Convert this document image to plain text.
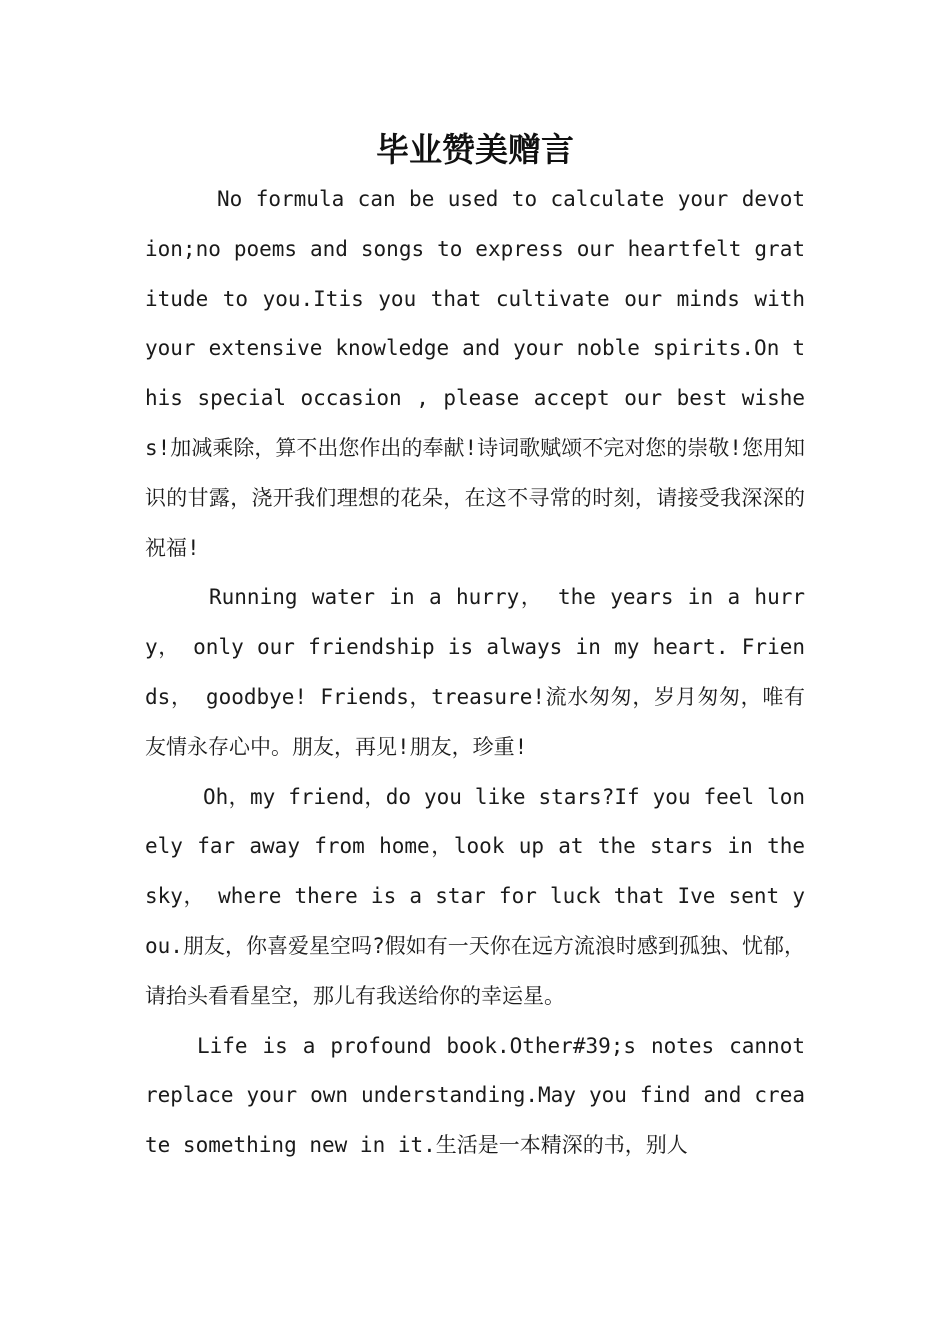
毕业赞美赠言

No formula can be used to calculate your devotion;no poems and songs to express our heartfelt gratitude to you.Itis you that cultivate our minds with your extensive knowledge and your noble spirits.On this special occasion , please accept our best wishes!加减乘除，算不出您作出的奉献!诗词歌赋颂不完对您的崇敬!您用知识的甘露，浇开我们理想的花朵，在这不寻常的时刻，请接受我深深的祝福!

Running water in a hurry， the years in a hurry， only our friendship is always in my heart. Friends， goodbye! Friends，treasure!流水匆匆，岁月匆匆，唯有友情永存心中。朋友，再见!朋友，珍重!

Oh，my friend，do you like stars?If you feel lonely far away from home，look up at the stars in the sky， where there is a star for luck that Ive sent you.朋友，你喜爱星空吗?假如有一天你在远方流浪时感到孤独、忧郁，请抬头看看星空，那儿有我送给你的幸运星。

Life is a profound book.Other#39;s notes cannot replace your own understanding.May you find and create something new in it.生活是一本精深的书，别人
